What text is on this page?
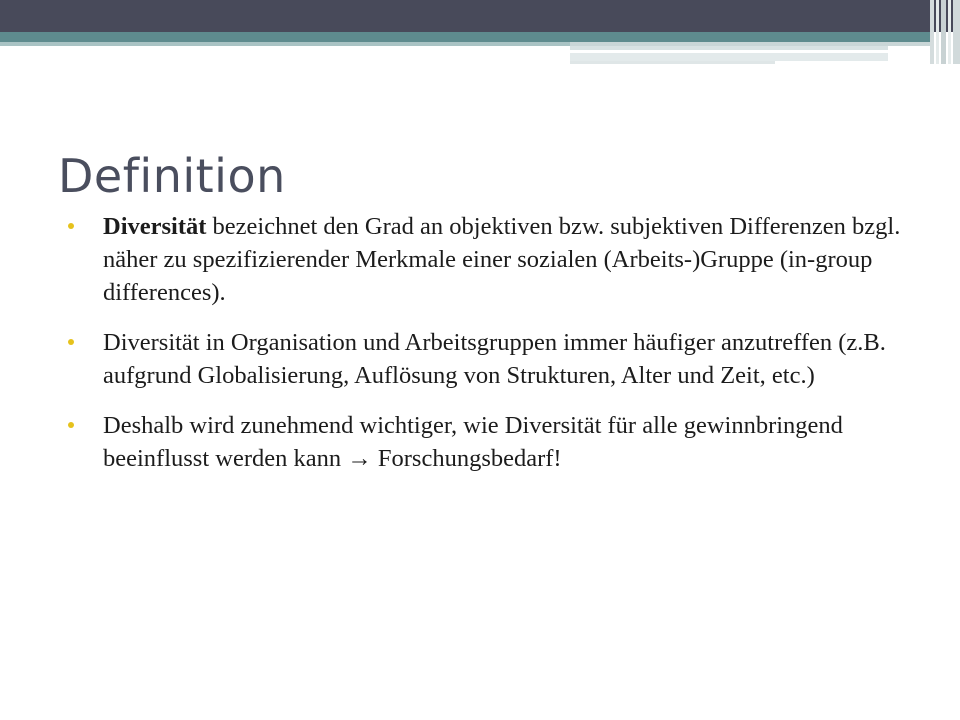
Definition
Diversität bezeichnet den Grad an objektiven bzw. subjektiven Differenzen bzgl. näher zu spezifizierender Merkmale einer sozialen (Arbeits-)Gruppe (in-group differences).
Diversität in Organisation und Arbeitsgruppen immer häufiger anzutreffen (z.B. aufgrund Globalisierung, Auflösung von Strukturen, Alter und Zeit, etc.)
Deshalb wird zunehmend wichtiger, wie Diversität für alle gewinnbringend beeinflusst werden kann → Forschungsbedarf!
